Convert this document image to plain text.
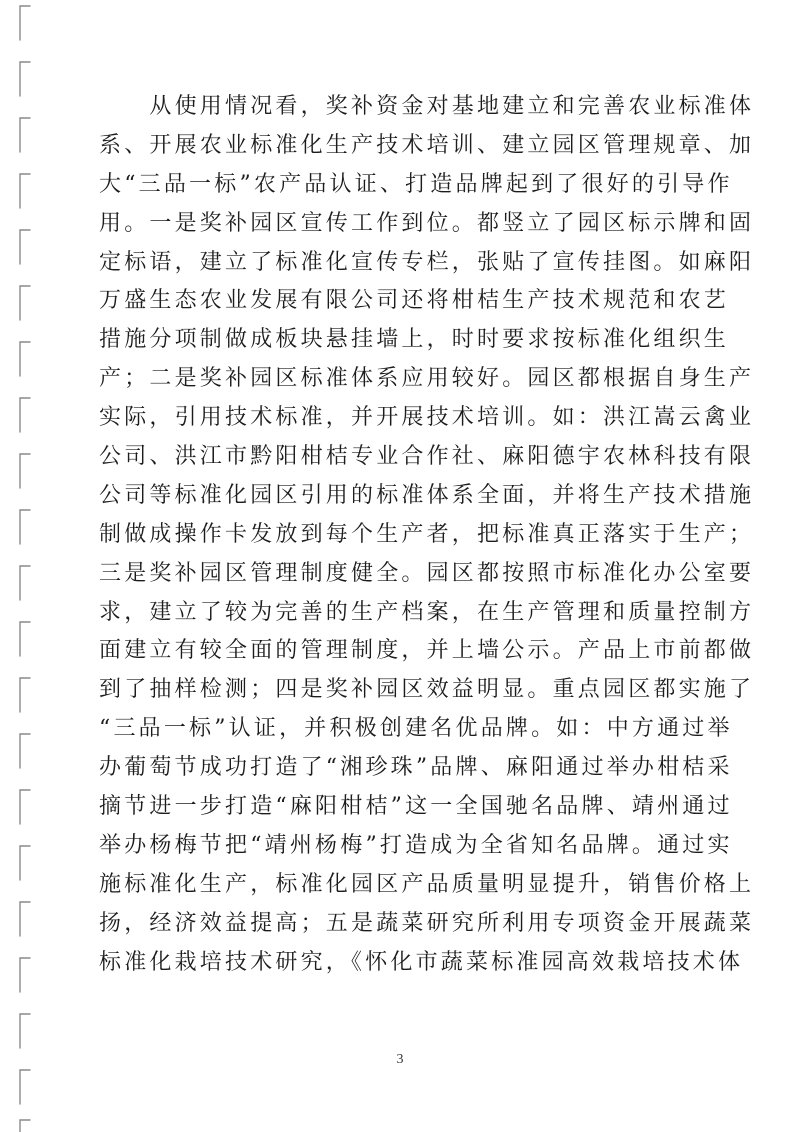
　　从使用情况看，奖补资金对基地建立和完善农业标准体
系、开展农业标准化生产技术培训、建立园区管理规章、加
大“三品一标”农产品认证、打造品牌起到了很好的引导作
用。一是奖补园区宣传工作到位。都竖立了园区标示牌和固
定标语，建立了标准化宣传专栏，张贴了宣传挂图。如麻阳
万盛生态农业发展有限公司还将柑桔生产技术规范和农艺
措施分项制做成板块悬挂墙上，时时要求按标准化组织生
产；二是奖补园区标准体系应用较好。园区都根据自身生产
实际，引用技术标准，并开展技术培训。如：洪江嵩云禽业
公司、洪江市黔阳柑桔专业合作社、麻阳德宇农林科技有限
公司等标准化园区引用的标准体系全面，并将生产技术措施
制做成操作卡发放到每个生产者，把标准真正落实于生产；
三是奖补园区管理制度健全。园区都按照市标准化办公室要
求，建立了较为完善的生产档案，在生产管理和质量控制方
面建立有较全面的管理制度，并上墙公示。产品上市前都做
到了抽样检测；四是奖补园区效益明显。重点园区都实施了
“三品一标”认证，并积极创建名优品牌。如：中方通过举
办葡萄节成功打造了“湘珍珠”品牌、麻阳通过举办柑桔采
摘节进一步打造“麻阳柑桔”这一全国驰名品牌、靖州通过
举办杨梅节把“靖州杨梅”打造成为全省知名品牌。通过实
施标准化生产，标准化园区产品质量明显提升，销售价格上
扬，经济效益提高；五是蔬菜研究所利用专项资金开展蔬菜
标准化栽培技术研究，《怀化市蔬菜标准园高效栽培技术体
3
